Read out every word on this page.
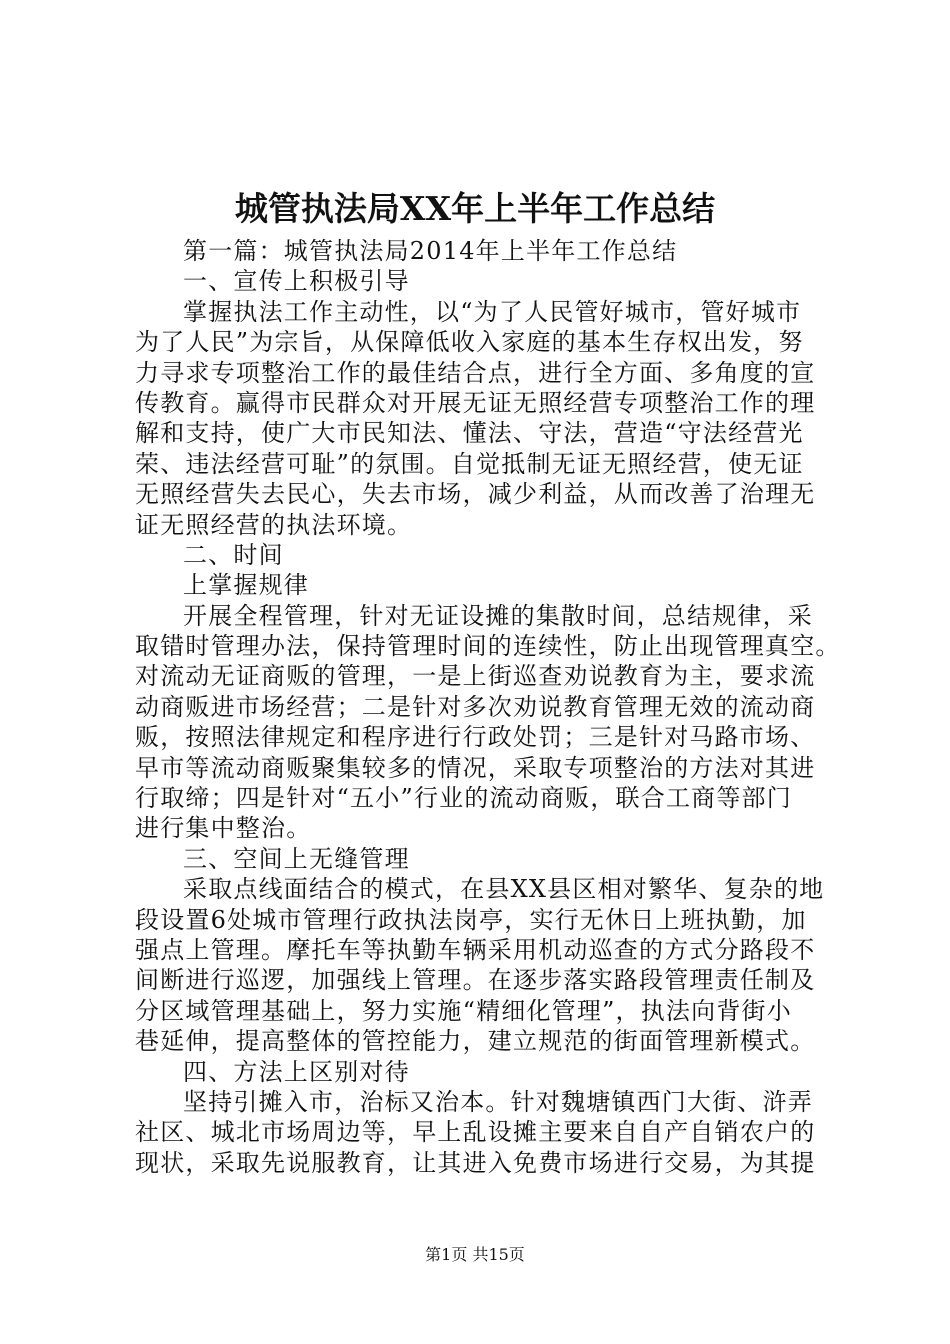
城管执法局XX年上半年工作总结
第一篇：城管执法局2014年上半年工作总结
一、宣传上积极引导
掌握执法工作主动性，以“为了人民管好城市，管好城市
为了人民”为宗旨，从保障低收入家庭的基本生存权出发，努
力寻求专项整治工作的最佳结合点，进行全方面、多角度的宣
传教育。赢得市民群众对开展无证无照经营专项整治工作的理
解和支持，使广大市民知法、懂法、守法，营造“守法经营光
荣、违法经营可耻”的氛围。自觉抵制无证无照经营，使无证
无照经营失去民心，失去市场，减少利益，从而改善了治理无
证无照经营的执法环境。
二、时间
上掌握规律
开展全程管理，针对无证设摊的集散时间，总结规律，采
取错时管理办法，保持管理时间的连续性，防止出现管理真空。
对流动无证商贩的管理，一是上街巡查劝说教育为主，要求流
动商贩进市场经营；二是针对多次劝说教育管理无效的流动商
贩，按照法律规定和程序进行行政处罚；三是针对马路市场、
早市等流动商贩聚集较多的情况，采取专项整治的方法对其进
行取缔；四是针对“五小”行业的流动商贩，联合工商等部门
进行集中整治。
三、空间上无缝管理
采取点线面结合的模式，在县XX县区相对繁华、复杂的地
段设置6处城市管理行政执法岗亭，实行无休日上班执勤，加
强点上管理。摩托车等执勤车辆采用机动巡查的方式分路段不
间断进行巡逻，加强线上管理。在逐步落实路段管理责任制及
分区域管理基础上，努力实施“精细化管理”，执法向背街小
巷延伸，提高整体的管控能力，建立规范的街面管理新模式。
四、方法上区别对待
坚持引摊入市，治标又治本。针对魏塘镇西门大街、浒弄
社区、城北市场周边等，早上乱设摊主要来自自产自销农户的
现状，采取先说服教育，让其进入免费市场进行交易，为其提
第1页 共15页
